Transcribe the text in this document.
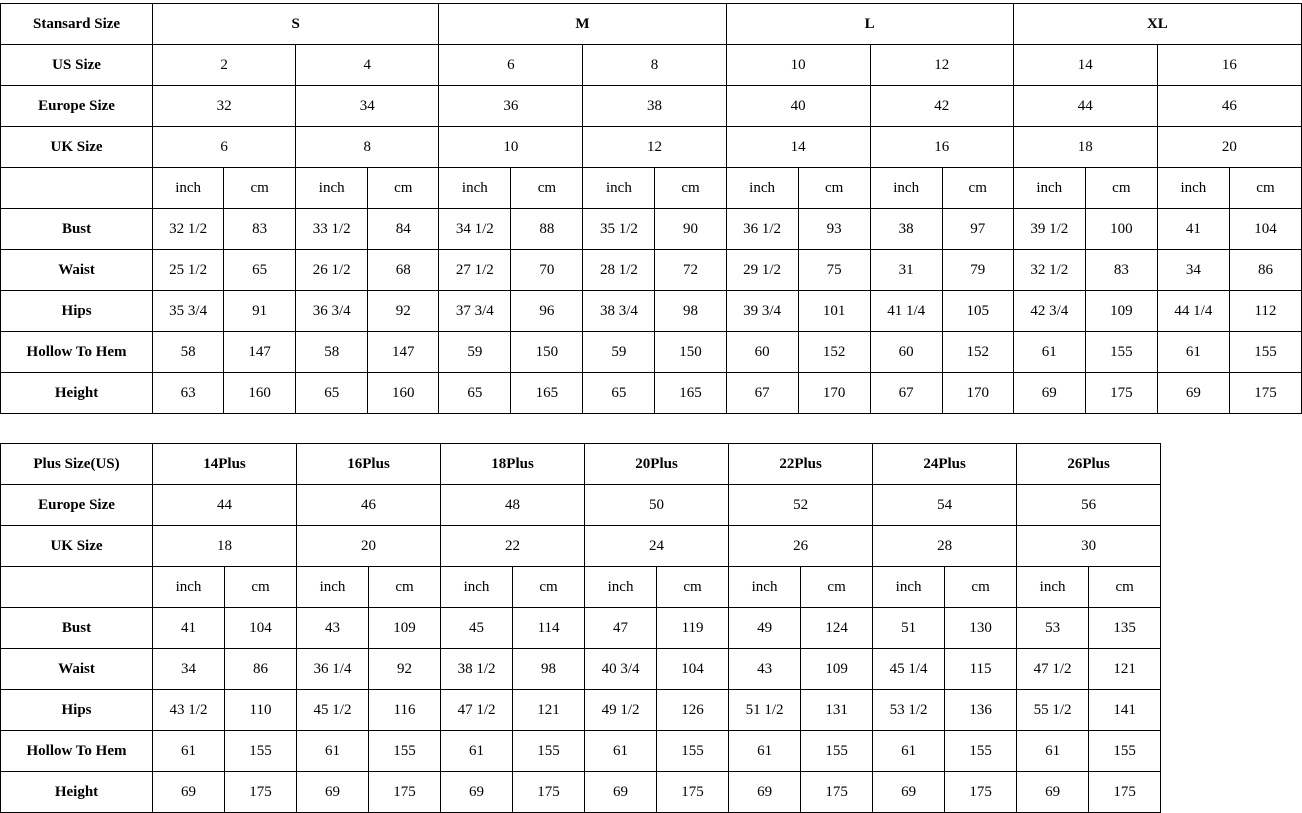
Stansard Size	S				M				L				XL			
US Size	2		4		6		8		10		12		14		16	
Europe Size	32		34		36		38		40		42		44		46	
UK Size	6		8		10		12		14		16		18		20	
	inch	cm	inch	cm	inch	cm	inch	cm	inch	cm	inch	cm	inch	cm	inch	cm
Bust	32 1/2	83	33 1/2	84	34 1/2	88	35 1/2	90	36 1/2	93	38	97	39 1/2	100	41	104
Waist	25 1/2	65	26 1/2	68	27 1/2	70	28 1/2	72	29 1/2	75	31	79	32 1/2	83	34	86
Hips	35 3/4	91	36 3/4	92	37 3/4	96	38 3/4	98	39 3/4	101	41 1/4	105	42 3/4	109	44 1/4	112
Hollow To Hem	58	147	58	147	59	150	59	150	60	152	60	152	61	155	61	155
Height	63	160	65	160	65	165	65	165	67	170	67	170	69	175	69	175
Plus Size(US)	14Plus		16Plus		18Plus		20Plus		22Plus		24Plus		26Plus	
Europe Size	44		46		48		50		52		54		56	
UK Size	18		20		22		24		26		28		30	
	inch	cm	inch	cm	inch	cm	inch	cm	inch	cm	inch	cm	inch	cm
Bust	41	104	43	109	45	114	47	119	49	124	51	130	53	135
Waist	34	86	36 1/4	92	38 1/2	98	40 3/4	104	43	109	45 1/4	115	47 1/2	121
Hips	43 1/2	110	45 1/2	116	47 1/2	121	49 1/2	126	51 1/2	131	53 1/2	136	55 1/2	141
Hollow To Hem	61	155	61	155	61	155	61	155	61	155	61	155	61	155
Height	69	175	69	175	69	175	69	175	69	175	69	175	69	175
